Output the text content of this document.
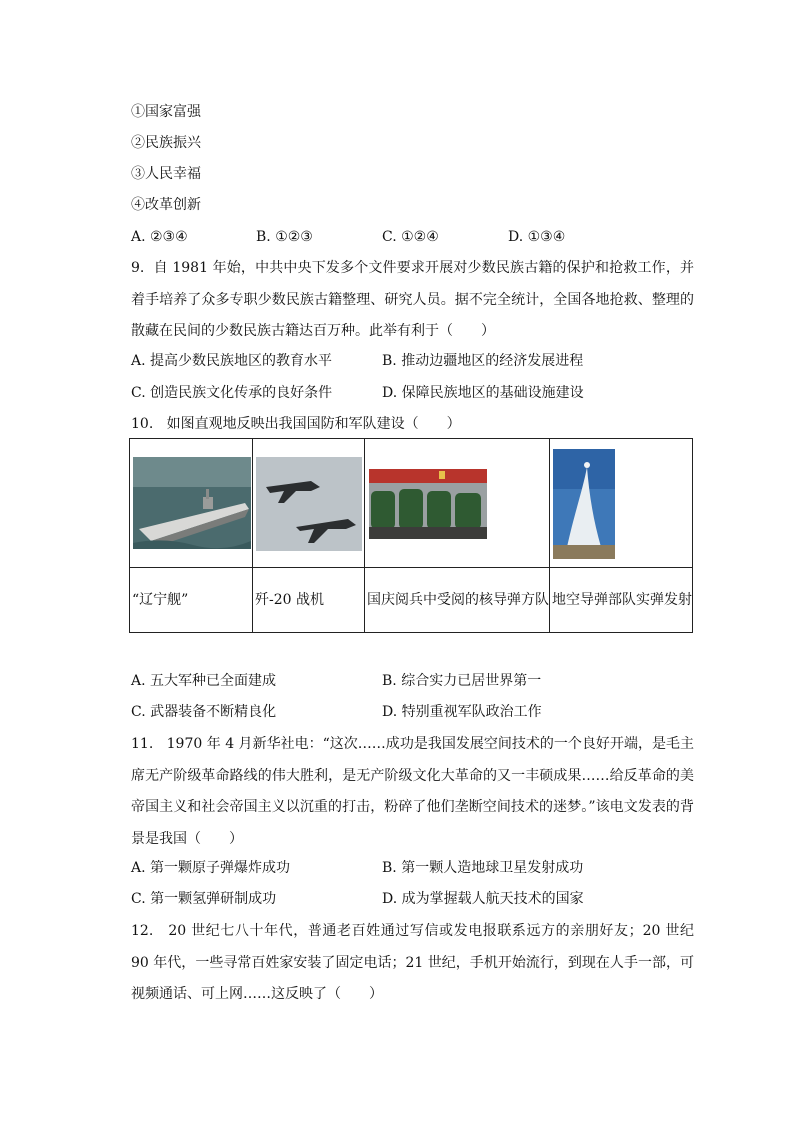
①国家富强
②民族振兴
③人民幸福
④改革创新
A. ②③④	B. ①②③	C. ①②④	D. ①③④
9.  自 1981 年始，中共中央下发多个文件要求开展对少数民族古籍的保护和抢救工作，并着手培养了众多专职少数民族古籍整理、研究人员。据不完全统计，全国各地抢救、整理的散藏在民间的少数民族古籍达百万种。此举有利于（　　）
A. 提高少数民族地区的教育水平	B. 推动边疆地区的经济发展进程
C. 创造民族文化传承的良好条件	D. 保障民族地区的基础设施建设
10.   如图直观地反映出我国国防和军队建设（　　）

“辽宁舰”	歼-20 战机	国庆阅兵中受阅的核导弹方队	地空导弹部队实弹发射
A. 五大军种已全面建成	B. 综合实力已居世界第一
C. 武器装备不断精良化	D. 特别重视军队政治工作
11.   1970 年 4 月新华社电：“这次……成功是我国发展空间技术的一个良好开端，是毛主席无产阶级革命路线的伟大胜利，是无产阶级文化大革命的又一丰硕成果……给反革命的美帝国主义和社会帝国主义以沉重的打击，粉碎了他们垄断空间技术的迷梦。”该电文发表的背景是我国（　　）
A. 第一颗原子弹爆炸成功	B. 第一颗人造地球卫星发射成功
C. 第一颗氢弹研制成功	D. 成为掌握载人航天技术的国家
12.   20 世纪七八十年代，普通老百姓通过写信或发电报联系远方的亲朋好友；20 世纪 90 年代，一些寻常百姓家安装了固定电话；21 世纪，手机开始流行，到现在人手一部，可视频通话、可上网……这反映了（　　）
